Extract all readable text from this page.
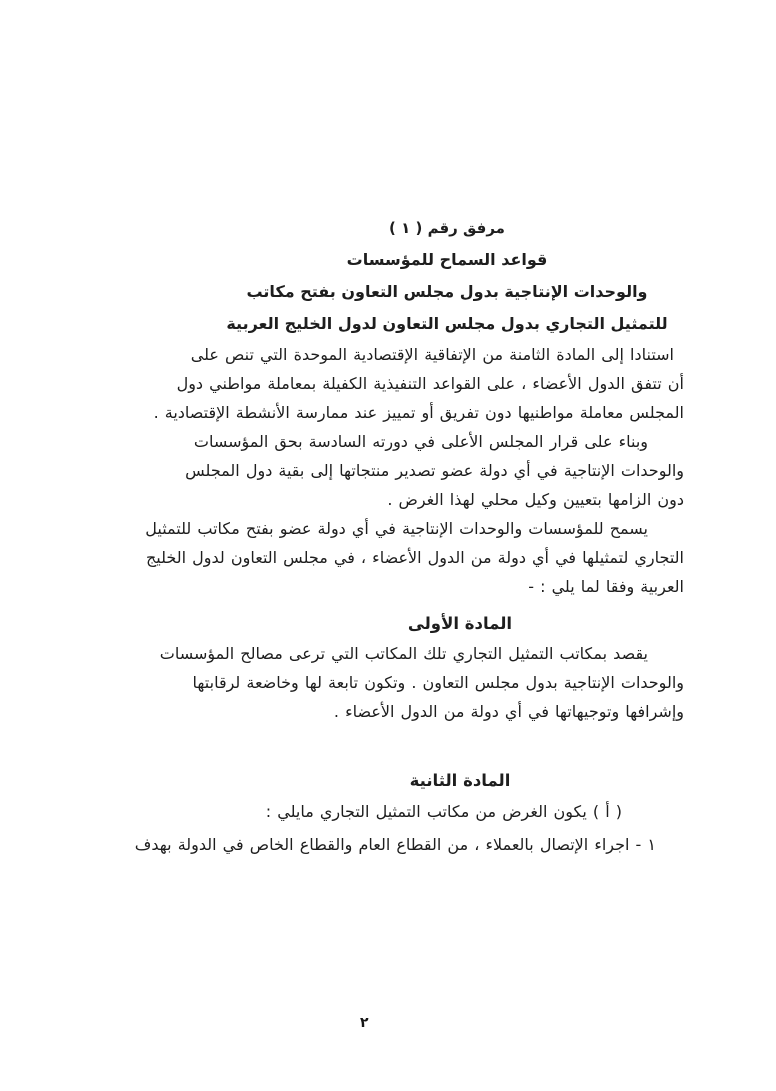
مرفق رقم ( ١ )
قواعد السماح للمؤسسات
والوحدات الإنتاجية بدول مجلس التعاون بفتح مكاتب
للتمثيل التجاري بدول مجلس التعاون لدول الخليج العربية

استنادا إلى المادة الثامنة من الإتفاقية الإقتصادية الموحدة التي تنص على
أن تتفق الدول الأعضاء ، على القواعد التنفيذية الكفيلة بمعاملة مواطني دول
المجلس معاملة مواطنيها دون تفريق أو تمييز عند ممارسة الأنشطة الإقتصادية .

وبناء على قرار المجلس الأعلى في دورته السادسة بحق المؤسسات
والوحدات الإنتاجية في أي دولة عضو تصدير منتجاتها إلى بقية دول المجلس
دون الزامها بتعيين وكيل محلي لهذا الغرض .

يسمح للمؤسسات والوحدات الإنتاجية في أي دولة عضو بفتح مكاتب للتمثيل
التجاري لتمثيلها في أي دولة من الدول الأعضاء ، في مجلس التعاون لدول الخليج
العربية وفقا لما يلي : -

المادة الأولى

يقصد بمكاتب التمثيل التجاري تلك المكاتب التي ترعى مصالح المؤسسات
والوحدات الإنتاجية بدول مجلس التعاون . وتكون تابعة لها وخاضعة لرقابتها
وإشرافها وتوجيهاتها في أي دولة من الدول الأعضاء .

المادة الثانية
( أ ) يكون الغرض من مكاتب التمثيل التجاري مايلي :
١ - اجراء الإتصال بالعملاء ، من القطاع العام والقطاع الخاص في الدولة بهدف
٢
